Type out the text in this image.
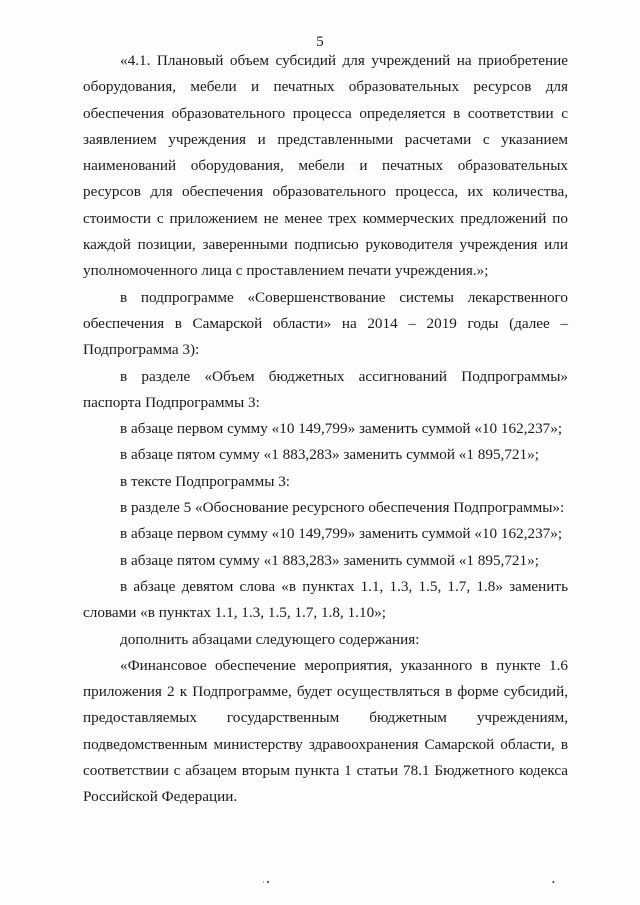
5

«4.1. Плановый объем субсидий для учреждений на приобретение оборудования, мебели и печатных образовательных ресурсов для обеспечения образовательного процесса определяется в соответствии с заявлением учреждения и представленными расчетами с указанием наименований оборудования, мебели и печатных образовательных ресурсов для обеспечения образовательного процесса, их количества, стоимости с приложением не менее трех коммерческих предложений по каждой позиции, заверенными подписью руководителя учреждения или уполномоченного лица с проставлением печати учреждения.»;

в подпрограмме «Совершенствование системы лекарственного обеспечения в Самарской области» на 2014 – 2019 годы (далее – Подпрограмма 3):

в разделе «Объем бюджетных ассигнований Подпрограммы» паспорта Подпрограммы 3:

в абзаце первом сумму «10 149,799» заменить суммой «10 162,237»;

в абзаце пятом сумму «1 883,283» заменить суммой «1 895,721»;

в тексте Подпрограммы 3:

в разделе 5 «Обоснование ресурсного обеспечения Подпрограммы»:

в абзаце первом сумму «10 149,799» заменить суммой «10 162,237»;

в абзаце пятом сумму «1 883,283» заменить суммой «1 895,721»;

в абзаце девятом слова «в пунктах 1.1, 1.3, 1.5, 1.7, 1.8» заменить словами «в пунктах 1.1, 1.3, 1.5, 1.7, 1.8, 1.10»;

дополнить абзацами следующего содержания:

«Финансовое обеспечение мероприятия, указанного в пункте 1.6 приложения 2 к Подпрограмме, будет осуществляться в форме субсидий, предоставляемых государственным бюджетным учреждениям, подведомственным министерству здравоохранения Самарской области, в соответствии с абзацем вторым пункта 1 статьи 78.1 Бюджетного кодекса Российской Федерации.

· •	•
